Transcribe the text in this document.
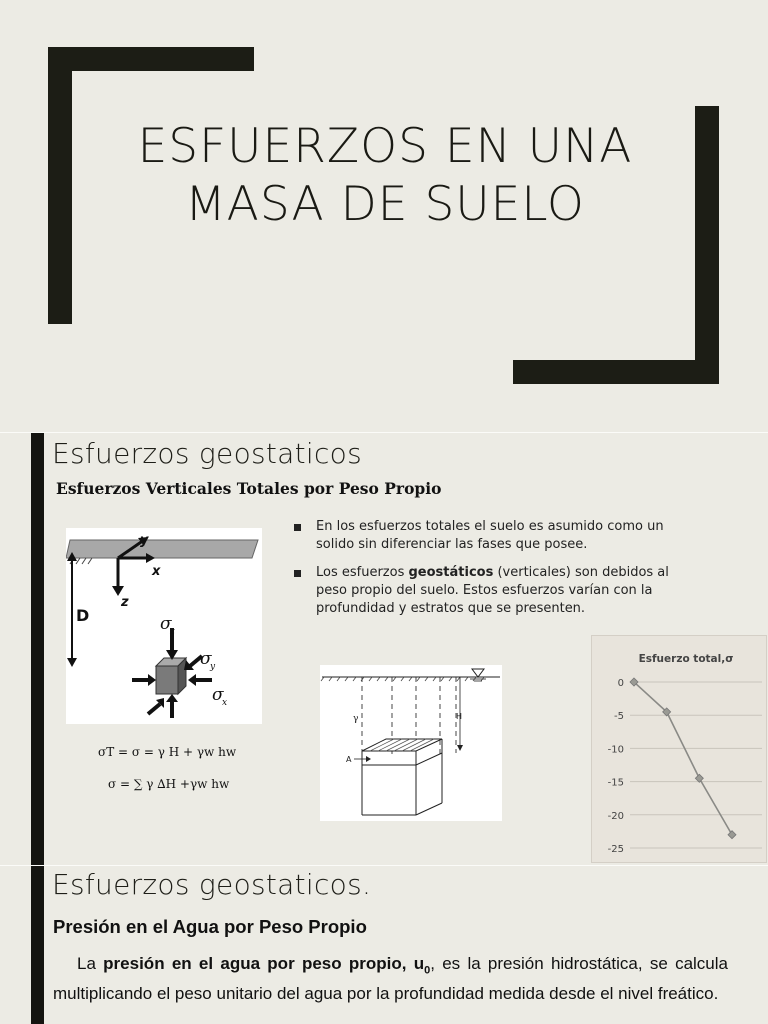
ESFUERZOS EN UNA
MASA DE SUELO
Esfuerzos geostaticos
Esfuerzos Verticales Totales por Peso Propio
D
y
x
z
σ
z
σ
y
σ
x
σT = σ = γ H + γw hw
σ = ∑ γ ∆H +γw hw
En los esfuerzos totales el suelo es asumido como un solido sin diferenciar las fases que posee.
Los esfuerzos geostáticos (verticales) son debidos al peso propio del suelo. Estos esfuerzos varían con la profundidad y estratos que se presenten.
H
γ
A
Esfuerzo total,σ
0
-5
-10
-15
-20
-25
Esfuerzos geostaticos.
Presión en el Agua por Peso Propio
La presión en el agua por peso propio, $u_0$, es la presión hidrostática, se calcula multiplicando el peso unitario del agua por la profundidad medida desde el nivel freático.
